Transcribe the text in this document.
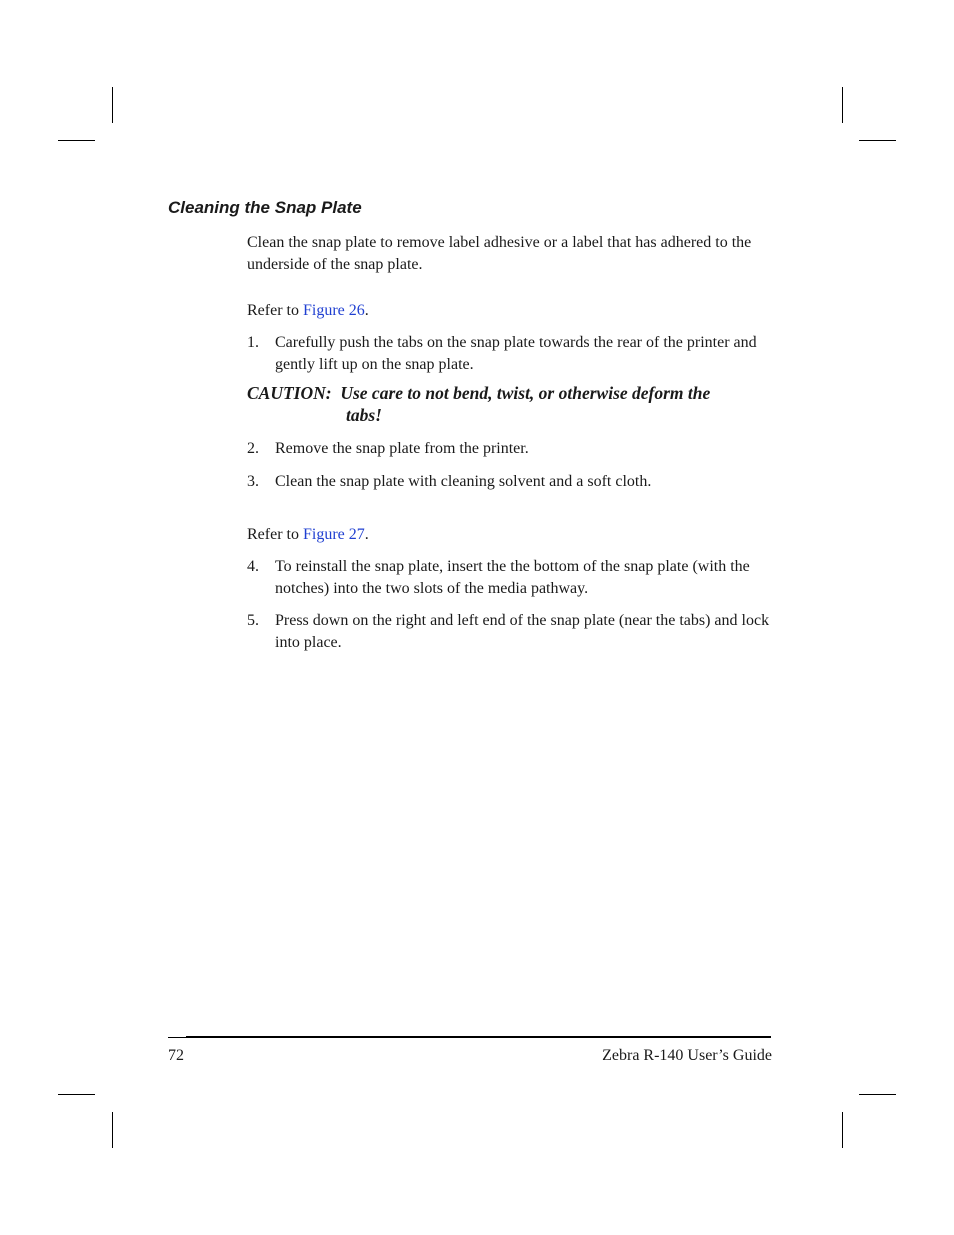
Cleaning the Snap Plate

Clean the snap plate to remove label adhesive or a label that has adhered to the underside of the snap plate.

Refer to Figure 26.

1.	Carefully push the tabs on the snap plate towards the rear of the printer and gently lift up on the snap plate.
CAUTION: Use care to not bend, twist, or otherwise deform the
tabs!
2.	Remove the snap plate from the printer.
3.	Clean the snap plate with cleaning solvent and a soft cloth.

Refer to Figure 27.

4.	To reinstall the snap plate, insert the the bottom of the snap plate (with the notches) into the two slots of the media pathway.
5.	Press down on the right and left end of the snap plate (near the tabs) and lock into place.
72	Zebra R-140 User’s Guide
